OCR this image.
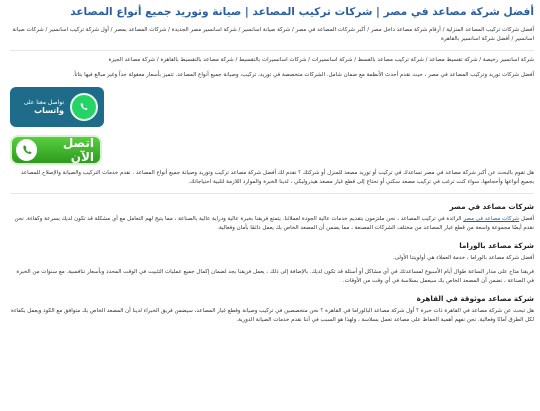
أفضل شركة مصاعد في مصر | شركات تركيب المصاعد | صيانة وتوريد جميع أنواع المصاعد

أفضل شركات تركيب المصاعد المنزلية / أرقام شركة مصاعد داخل مصر / أكبر شركات المصاعد في مصر / شركة صيانة اسانسير / شركة اسانسير مصر الجديدة / شركات المصاعد بمصر / أول شركة تركيب اسانسير / شركات صيانة اسانسير / أفضل شركة اسانسير بالقاهرة

شركة اسانسير رخيصة / شركة تقسيط مصاعد / شركة تركيب مصاعد بالقسط / شركة اسانسيرات / شركات اسانسيرات بالتقسيط / شركة مصاعد بالتقسيط بالقاهرة / شركة مصاعد الجيزة

أفضل شركات توريد وتركيب المصاعد في مصر ، حيث نقدم أحدث الأنظمة مع ضمان شامل. الشركات متخصصة في توريد، تركيب، وصيانة جميع أنواع المصاعد. تتميز بأسعار معقولة جداً وغير مبالغ فيها بتاتاً.

تواصل معنا على
واتساب
اتصل الآن

هل تقوم بالبحث عن أكبر شركة مصاعد في مصر تساعدك في تركيب أو توريد مصعد للمنزل أو شركتك ؟ نقدم لك أفضل شركة مصاعد تركيب وتوريد وصيانة جميع أنواع المصاعد . نقدم خدمات التركيب والصيانة والإصلاح للمصاعد بجميع أنواعها وأحجامها، سواء كنت ترغب في تركيب مصعد سكني أو تحتاج إلى قطع غيار مصعد هيدروليكي ، لدينا الخبرة والموارد اللازمة لتلبية احتياجاتك.

شركات مصاعد في مصر

أفضل شركات مصاعد في مصر الرائدة في تركيب المصاعد ، نحن ملتزمون بتقديم خدمات عالية الجودة لعملائنا. يتمتع فريقنا بخبرة عالية ودراية عالية بالصناعة ، مما يتيح لهم التعامل مع أي مشكلة قد تكون لديك بسرعة وكفاءة. نحن نقدم أيضًا مجموعة واسعة من قطع غيار المصاعد من مختلف الشركات المصنعة ، مما يضمن أن المصعد الخاص بك يعمل دائمًا بأمان وفعالية.

شركة مصاعد بالوراما

أفضل شركة مصاعد بالوراما ، خدمة العملاء هي أولويتنا الأولى.

فريقنا متاح على مدار الساعة طوال أيام الأسبوع لمساعدتك في أي مشاكل أو أسئلة قد تكون لديك. بالإضافة إلى ذلك ، يعمل فريقنا بجد لضمان إكمال جميع عمليات التثبيت في الوقت المحدد وبأسعار تنافسية. مع سنوات من الخبرة في الصناعة ، نضمن أن المصعد الخاص بك سيعمل بسلاسة في أي وقت من الأوقات.

شركة مصاعد موثوقة في القاهرة

هل تبحث عن شركة مصاعد في القاهرة ذات خبرة ؟ أول شركة مصاعد البالوراما في القاهرة ؟ نحن متخصصين في تركيب وصيانة وقطع غيار المصاعد، سيضمن فريق الخبراء لدينا أن المصعد الخاص بك متوافق مع الكود ويعمل بكفاءة لكل الطرق آمانًا وفعالية. نحن نفهم أهمية الحفاظ على مصاعد تعمل بسلاسة ، ولهذا هو السبب في أننا نقدم خدمات الصيانة الدورية.
